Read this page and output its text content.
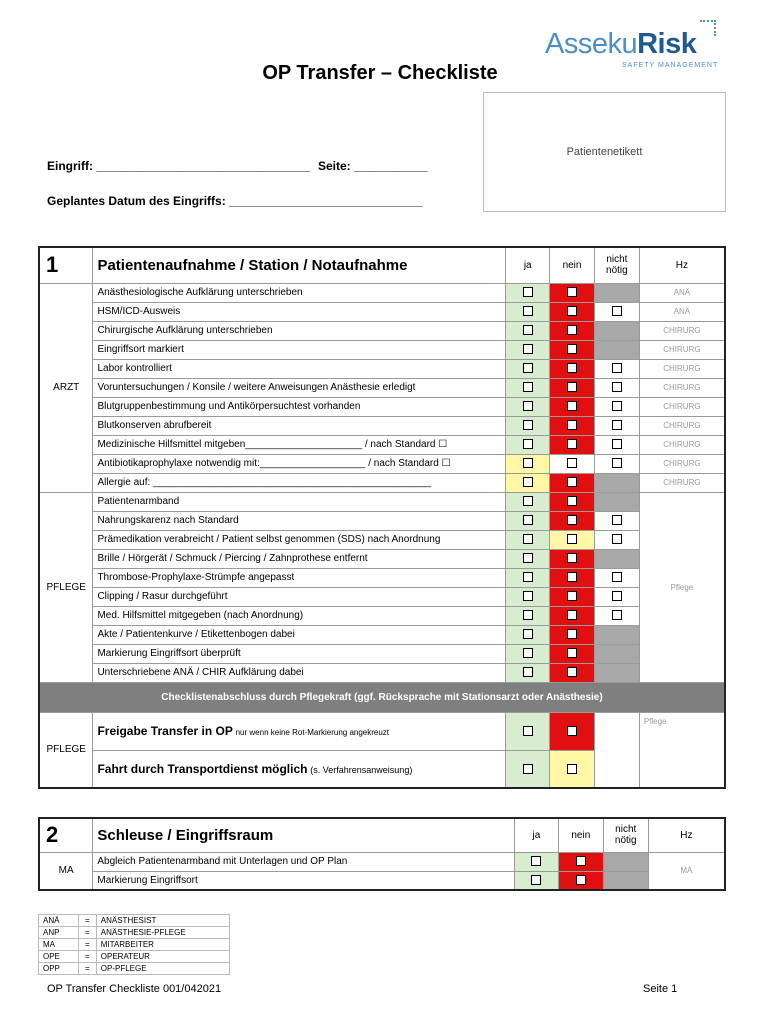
AssekuRisk
SAFETY MANAGEMENT
OP Transfer – Checkliste
Patientenetikett
Eingriff: ________________________________ Seite: ___________
Geplantes Datum des Eingriffs: _____________________________
1	Patientenaufnahme / Station / Notaufnahme	ja	nein	nicht nötig	Hz
ARZT	Anästhesiologische Aufklärung unterschrieben				ANÄ
	HSM/ICD-Ausweis				ANÄ
	Chirurgische Aufklärung unterschrieben				CHIRURG
	Eingriffsort markiert				CHIRURG
	Labor kontrolliert				CHIRURG
	Voruntersuchungen / Konsile / weitere Anweisungen Anästhesie erledigt				CHIRURG
	Blutgruppenbestimmung und Antikörpersuchtest vorhanden				CHIRURG
	Blutkonserven abrufbereit				CHIRURG
	Medizinische Hilfsmittel mitgeben_____________________ / nach Standard ☐				CHIRURG
	Antibiotikaprophylaxe notwendig mit:___________________ / nach Standard ☐				CHIRURG
	Allergie auf: __________________________________________________				CHIRURG
PFLEGE	Patientenarmband				Pflege
	Nahrungskarenz nach Standard				
	Prämedikation verabreicht / Patient selbst genommen (SDS) nach Anordnung				
	Brille / Hörgerät / Schmuck / Piercing / Zahnprothese entfernt				
	Thrombose-Prophylaxe-Strümpfe angepasst				
	Clipping / Rasur durchgeführt				
	Med. Hilfsmittel mitgegeben (nach Anordnung)				
	Akte / Patientenkurve / Etikettenbogen dabei				
	Markierung Eingriffsort überprüft				
	Unterschriebene ANÄ / CHIR Aufklärung dabei				
Checklistenabschluss durch Pflegekraft (ggf. Rücksprache mit Stationsarzt oder Anästhesie)					
PFLEGE	Freigabe Transfer in OP nur wenn keine Rot-Markierung angekreuzt				Pflege
	Fahrt durch Transportdienst möglich (s. Verfahrensanweisung)				
2	Schleuse / Eingriffsraum	ja	nein	nicht nötig	Hz
MA	Abgleich Patientenarmband mit Unterlagen und OP Plan				MA
	Markierung Eingriffsort				
ANÄ	=	ANÄSTHESIST
ANP	=	ANÄSTHESIE-PFLEGE
MA	=	MITARBEITER
OPE	=	OPERATEUR
OPP	=	OP-PFLEGE
OP Transfer Checkliste 001/042021	Seite 1
